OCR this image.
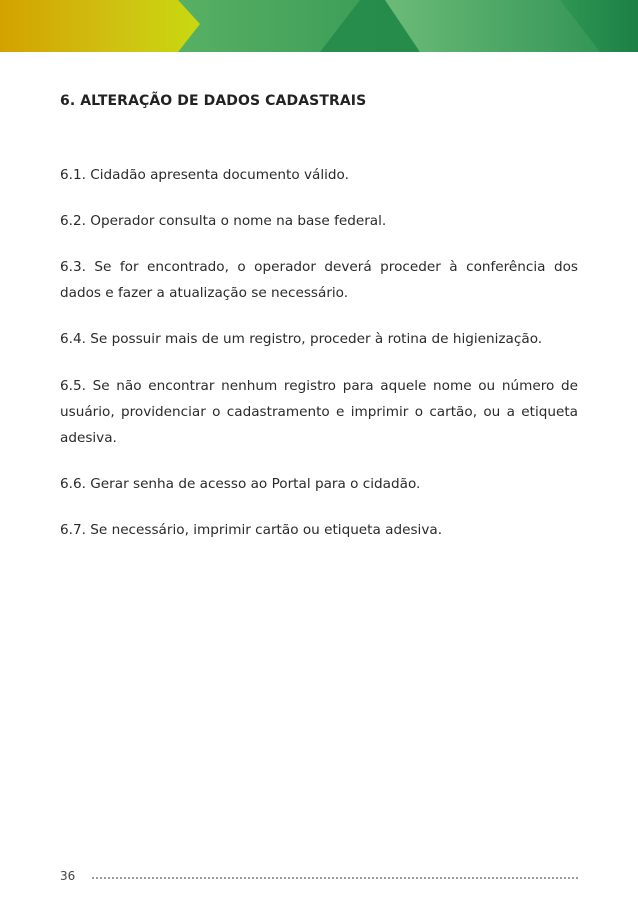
6. ALTERAÇÃO DE DADOS CADASTRAIS
6.1. Cidadão apresenta documento válido.
6.2. Operador consulta o nome na base federal.
6.3. Se for encontrado, o operador deverá proceder à conferência dos dados e fazer a atualização se necessário.
6.4. Se possuir mais de um registro, proceder à rotina de higienização.
6.5. Se não encontrar nenhum registro para aquele nome ou número de usuário, providenciar o cadastramento e imprimir o cartão, ou a etiqueta adesiva.
6.6. Gerar senha de acesso ao Portal para o cidadão.
6.7. Se necessário, imprimir cartão ou etiqueta adesiva.
36
